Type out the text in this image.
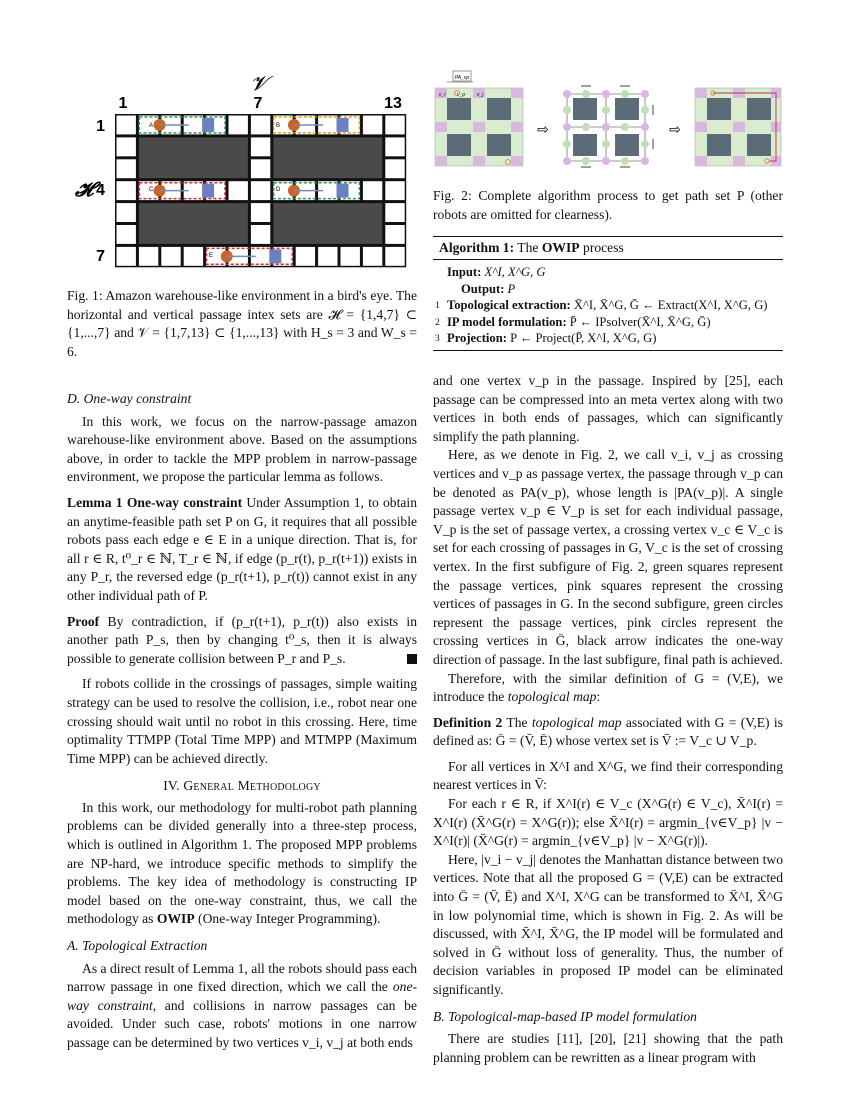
𝓥
1	7	13
1
𝓗 4
7
A	B
C	D
E
Fig. 1: Amazon warehouse-like environment in a bird's eye. The horizontal and vertical passage intex sets are 𝓗 = {1,4,7} ⊂ {1,...,7} and 𝒱 = {1,7,13} ⊂ {1,...,13} with H_s = 3 and W_s = 6.
PA_vp
v_i v_p v_j
⇨	⇨
Fig. 2: Complete algorithm process to get path set P (other robots are omitted for clearness).
Algorithm 1: The OWIP process
Input: X^I, X^G, G
Output: P
1 Topological extraction: X̄^I, X̄^G, Ḡ ← Extract(X^I, X^G, G)
2 IP model formulation: P̄ ← IPsolver(X̄^I, X̄^G, Ḡ)
3 Projection: P ← Project(P̄, X^I, X^G, G)

D. One-way constraint

In this work, we focus on the narrow-passage amazon warehouse-like environment above. Based on the assumptions above, in order to tackle the MPP problem in narrow-passage environment, we propose the particular lemma as follows.

Lemma 1 One-way constraint Under Assumption 1, to obtain an anytime-feasible path set P on G, it requires that all possible robots pass each edge e ∈ E in a unique direction. That is, for all r ∈ R, t⁰_r ∈ ℕ, T_r ∈ ℕ, if edge (p_r(t), p_r(t+1)) exists in any P_r, the reversed edge (p_r(t+1), p_r(t)) cannot exist in any other individual path of P.

Proof By contradiction, if (p_r(t+1), p_r(t)) also exists in another path P_s, then by changing t⁰_s, then it is always possible to generate collision between P_r and P_s.

If robots collide in the crossings of passages, simple waiting strategy can be used to resolve the collision, i.e., robot near one crossing should wait until no robot in this crossing. Here, time optimality TTMPP (Total Time MPP) and MTMPP (Maximum Time MPP) can be achieved directly.

IV. General Methodology

In this work, our methodology for multi-robot path planning problems can be divided generally into a three-step process, which is outlined in Algorithm 1. The proposed MPP problems are NP-hard, we introduce specific methods to simplify the problems. The key idea of methodology is constructing IP model based on the one-way constraint, thus, we call the methodology as OWIP (One-way Integer Programming).

A. Topological Extraction

As a direct result of Lemma 1, all the robots should pass each narrow passage in one fixed direction, which we call the one-way constraint, and collisions in narrow passages can be avoided. Under such case, robots' motions in one narrow passage can be determined by two vertices v_i, v_j at both ends

and one vertex v_p in the passage. Inspired by [25], each passage can be compressed into an meta vertex along with two vertices in both ends of passages, which can significantly simplify the path planning.

Here, as we denote in Fig. 2, we call v_i, v_j as crossing vertices and v_p as passage vertex, the passage through v_p can be denoted as PA(v_p), whose length is |PA(v_p)|. A single passage vertex v_p ∈ V_p is set for each individual passage, V_p is the set of passage vertex, a crossing vertex v_c ∈ V_c is set for each crossing of passages in G, V_c is the set of crossing vertex. In the first subfigure of Fig. 2, green squares represent the passage vertices, pink squares represent the crossing vertices of passages in G. In the second subfigure, green circles represent the passage vertices, pink circles represent the crossing vertices in Ḡ, black arrow indicates the one-way direction of passage. In the last subfigure, final path is achieved.

Therefore, with the similar definition of G = (V,E), we introduce the topological map:

Definition 2 The topological map associated with G = (V,E) is defined as: Ḡ = (V̄, Ē) whose vertex set is V̄ := V_c ∪ V_p.

For all vertices in X^I and X^G, we find their corresponding nearest vertices in V̄:

For each r ∈ R, if X^I(r) ∈ V_c (X^G(r) ∈ V_c), X̄^I(r) = X^I(r) (X̄^G(r) = X^G(r)); else X̄^I(r) = argmin_{v∈V_p} |v − X^I(r)| (X̄^G(r) = argmin_{v∈V_p} |v − X^G(r)|).

Here, |v_i − v_j| denotes the Manhattan distance between two vertices. Note that all the proposed G = (V,E) can be extracted into Ḡ = (V̄, Ē) and X^I, X^G can be transformed to X̄^I, X̄^G in low polynomial time, which is shown in Fig. 2. As will be discussed, with X̄^I, X̄^G, the IP model will be formulated and solved in Ḡ without loss of generality. Thus, the number of decision variables in proposed IP model can be eliminated significantly.

B. Topological-map-based IP model formulation

There are studies [11], [20], [21] showing that the path planning problem can be rewritten as a linear program with
